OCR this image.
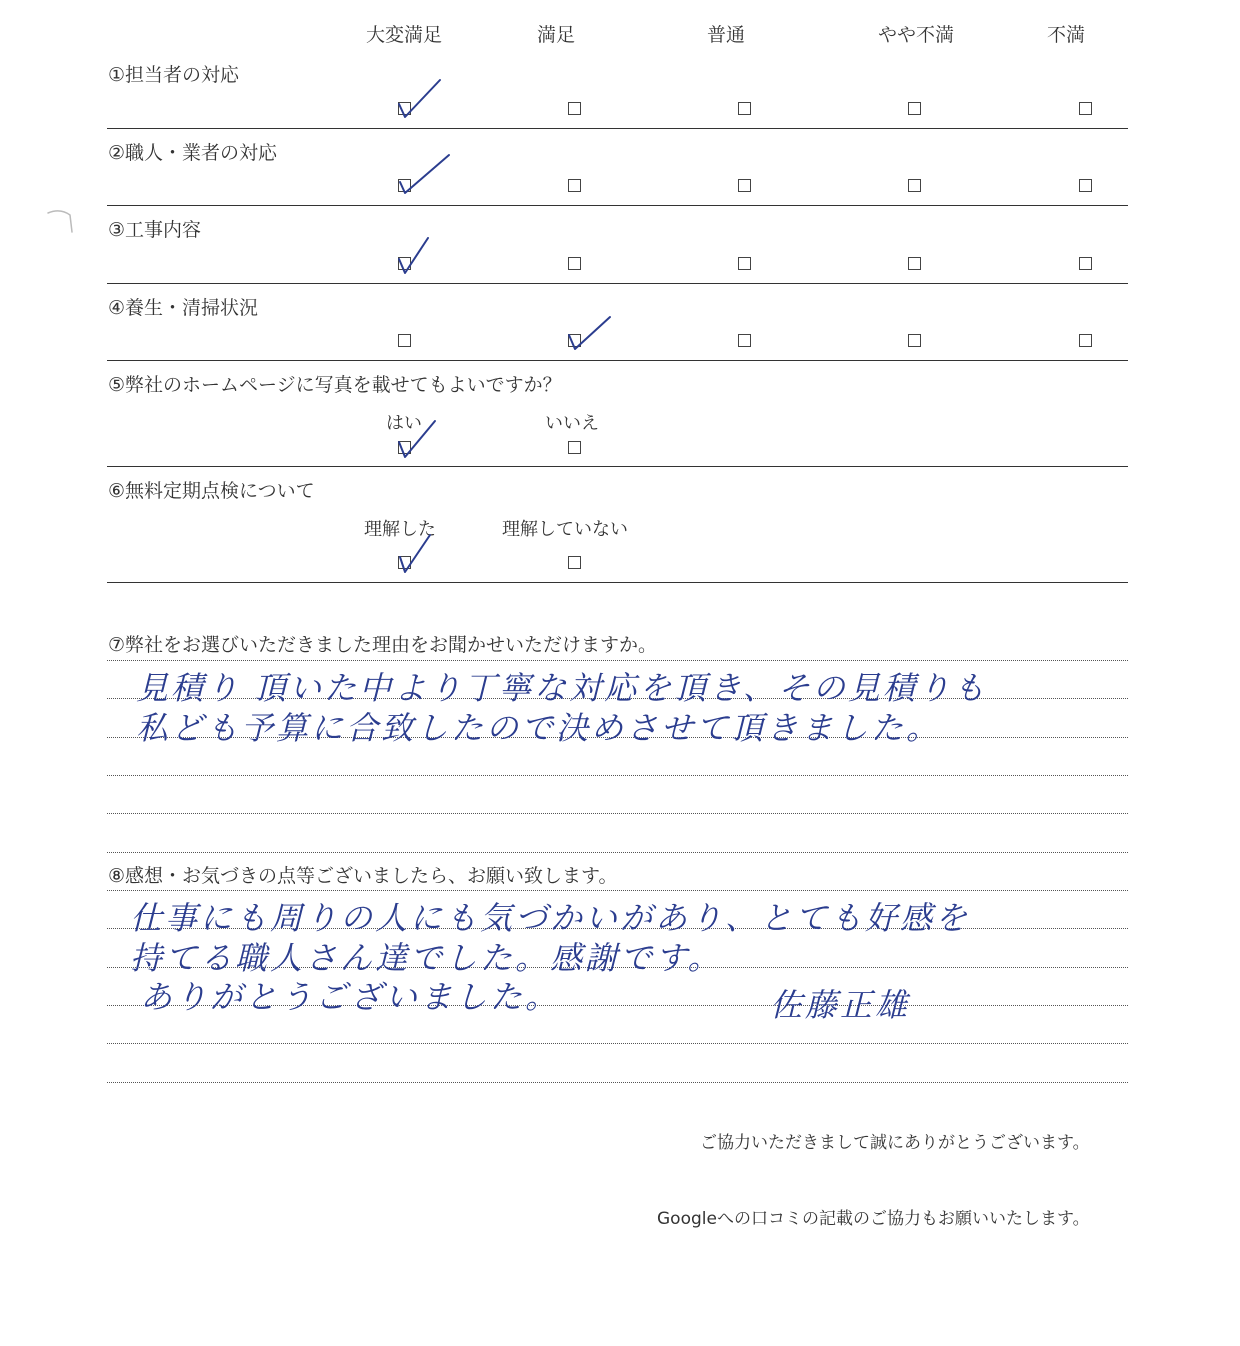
大変満足	満足	普通	やや不満	不満
①担当者の対応
②職人・業者の対応
③工事内容
④養生・清掃状況
⑤弊社のホームページに写真を載せてもよいですか？
はい	いいえ
⑥無料定期点検について
理解した	理解していない
⑦弊社をお選びいただきました理由をお聞かせいただけますか。
見積り 頂いた中より丁寧な対応を頂き、その見積りも
私ども予算に合致したので決めさせて頂きました。
⑧感想・お気づきの点等ございましたら、お願い致します。
仕事にも周りの人にも気づかいがあり、とても好感を
持てる職人さん達でした。感謝です。
ありがとうございました。	佐藤正雄
ご協力いただきまして誠にありがとうございます。
Googleへの口コミの記載のご協力もお願いいたします。
